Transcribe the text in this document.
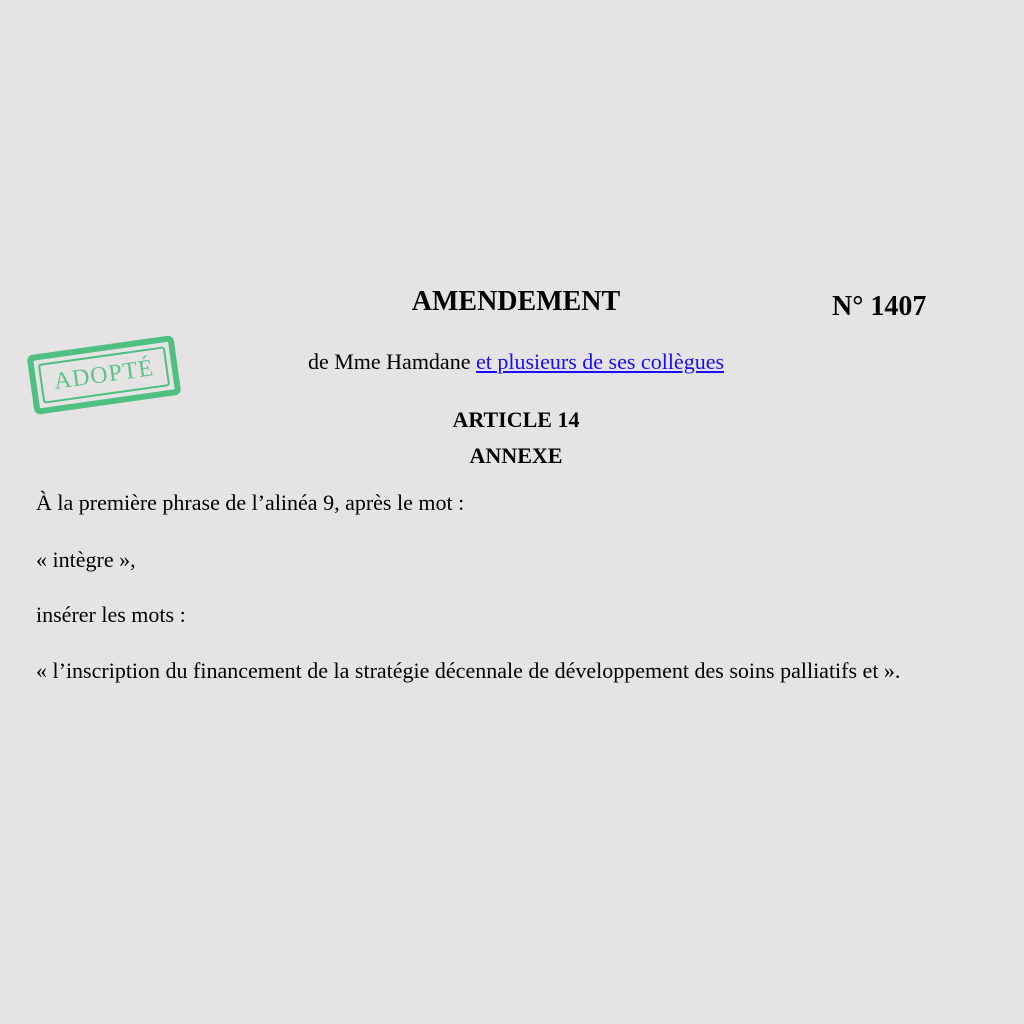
AMENDEMENT	N° 1407
ADOPTÉ	de Mme Hamdane et plusieurs de ses collègues

ARTICLE 14
ANNEXE

À la première phrase de l’alinéa 9, après le mot :

« intègre »,

insérer les mots :

« l’inscription du financement de la stratégie décennale de développement des soins palliatifs et ».
